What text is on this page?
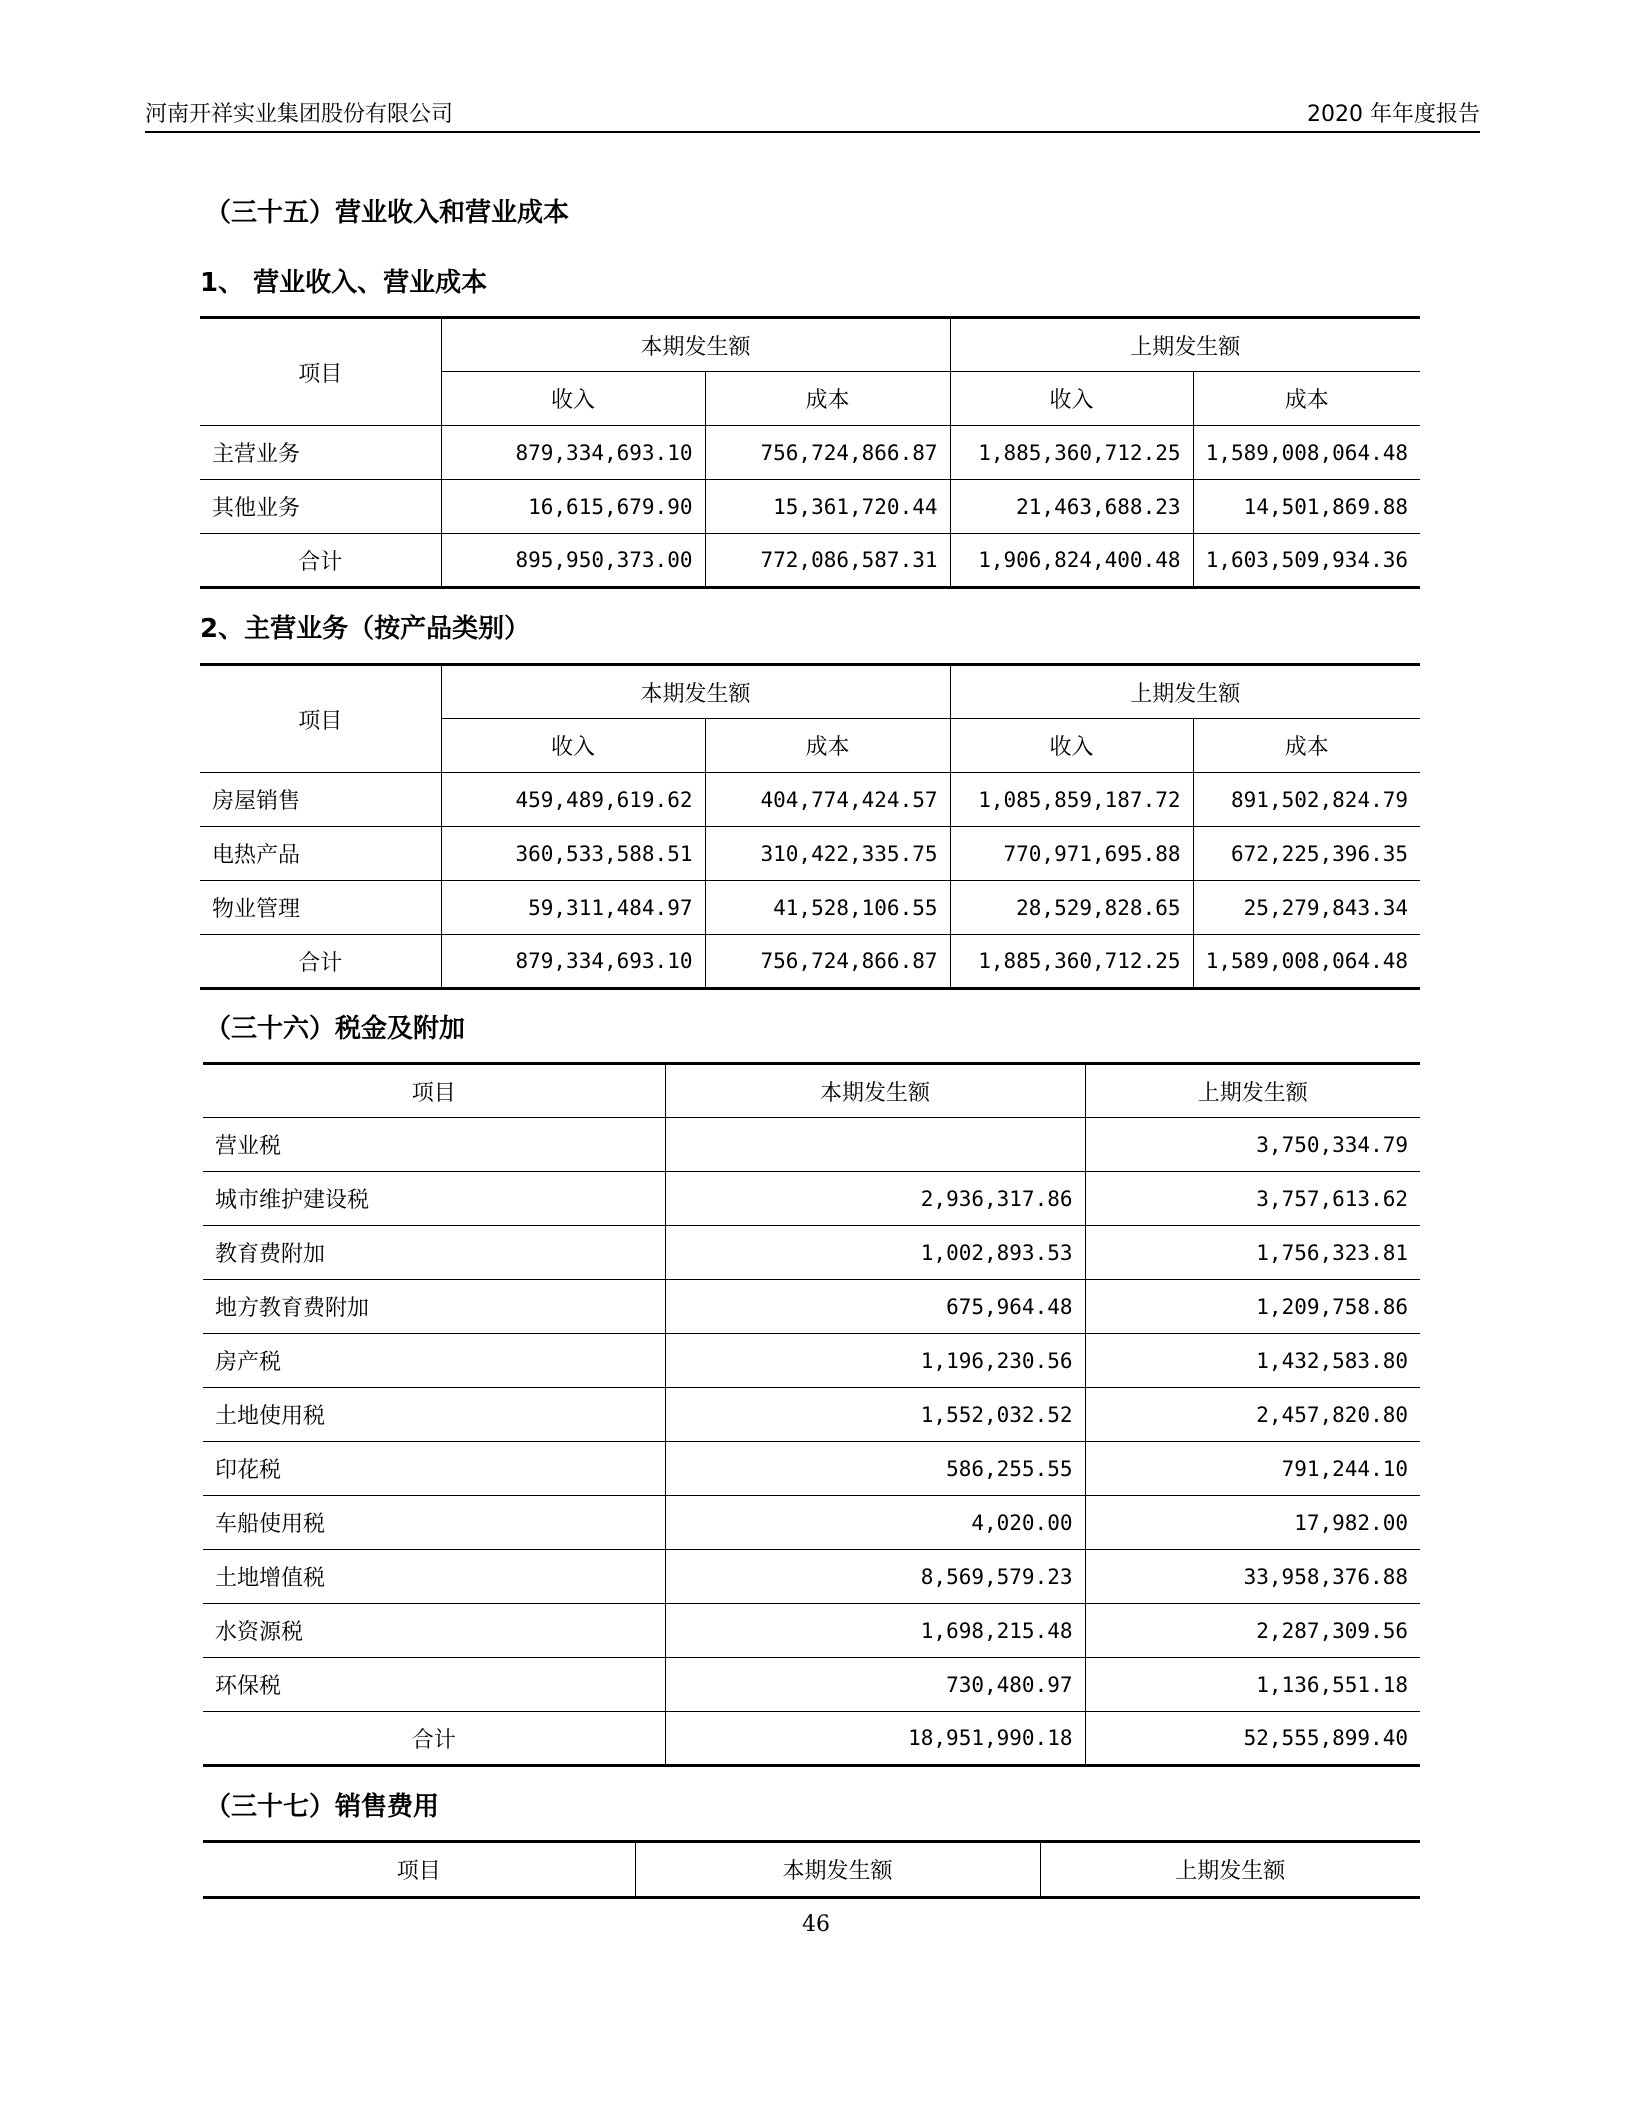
河南开祥实业集团股份有限公司	2020 年年度报告
（三十五）营业收入和营业成本
1、 营业收入、营业成本
项目	本期发生额		上期发生额	
	收入	成本	收入	成本
主营业务	879,334,693.10	756,724,866.87	1,885,360,712.25	1,589,008,064.48
其他业务	16,615,679.90	15,361,720.44	21,463,688.23	14,501,869.88
合计	895,950,373.00	772,086,587.31	1,906,824,400.48	1,603,509,934.36
2、主营业务（按产品类别）
项目	本期发生额		上期发生额	
	收入	成本	收入	成本
房屋销售	459,489,619.62	404,774,424.57	1,085,859,187.72	891,502,824.79
电热产品	360,533,588.51	310,422,335.75	770,971,695.88	672,225,396.35
物业管理	59,311,484.97	41,528,106.55	28,529,828.65	25,279,843.34
合计	879,334,693.10	756,724,866.87	1,885,360,712.25	1,589,008,064.48
（三十六）税金及附加
项目	本期发生额	上期发生额
营业税		3,750,334.79
城市维护建设税	2,936,317.86	3,757,613.62
教育费附加	1,002,893.53	1,756,323.81
地方教育费附加	675,964.48	1,209,758.86
房产税	1,196,230.56	1,432,583.80
土地使用税	1,552,032.52	2,457,820.80
印花税	586,255.55	791,244.10
车船使用税	4,020.00	17,982.00
土地增值税	8,569,579.23	33,958,376.88
水资源税	1,698,215.48	2,287,309.56
环保税	730,480.97	1,136,551.18
合计	18,951,990.18	52,555,899.40
（三十七）销售费用
项目	本期发生额	上期发生额
46
